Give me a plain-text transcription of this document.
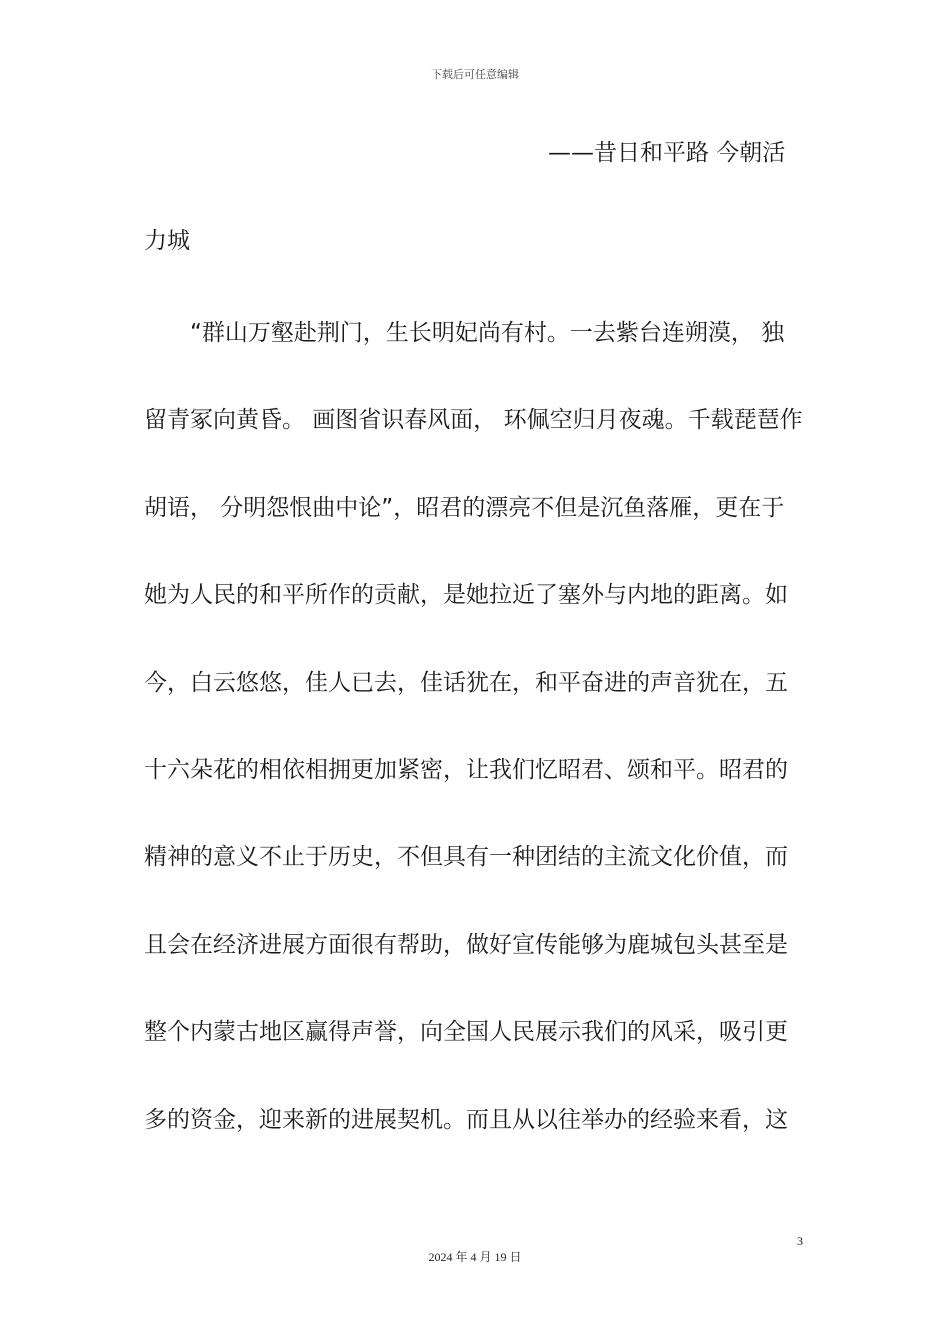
下载后可任意编辑
——昔日和平路 今朝活
力城
“群山万壑赴荆门，生长明妃尚有村。一去紫台连朔漠， 独
留青冢向黄昏。 画图省识春风面， 环佩空归月夜魂。千载琵琶作
胡语， 分明怨恨曲中论”，昭君的漂亮不但是沉鱼落雁，更在于
她为人民的和平所作的贡献，是她拉近了塞外与内地的距离。如
今，白云悠悠，佳人已去，佳话犹在，和平奋进的声音犹在，五
十六朵花的相依相拥更加紧密，让我们忆昭君、颂和平。昭君的
精神的意义不止于历史，不但具有一种团结的主流文化价值，而
且会在经济进展方面很有帮助，做好宣传能够为鹿城包头甚至是
整个内蒙古地区赢得声誉，向全国人民展示我们的风采，吸引更
多的资金，迎来新的进展契机。而且从以往举办的经验来看，这
3
2024 年 4 月 19 日
